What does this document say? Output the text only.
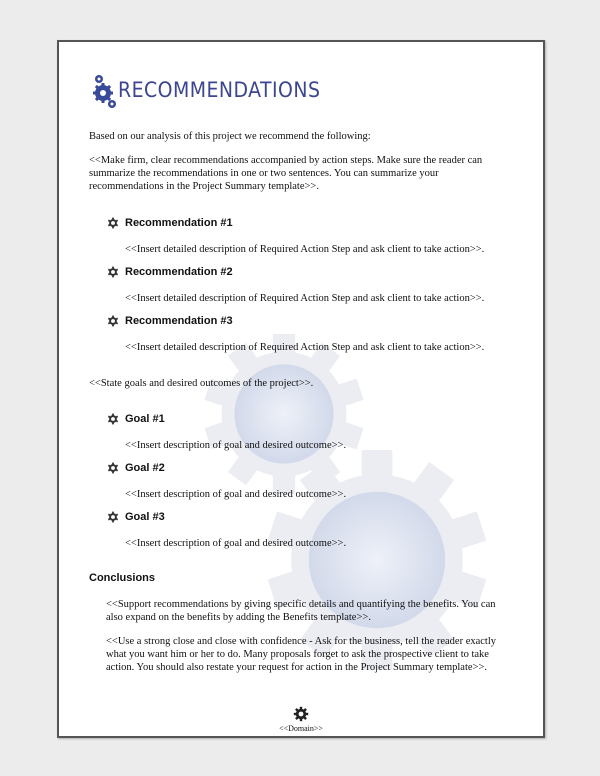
RECOMMENDATIONS
Based on our analysis of this project we recommend the following:
<<Make firm, clear recommendations accompanied by action steps. Make sure the reader can
summarize the recommendations in one or two sentences. You can summarize your
recommendations in the Project Summary template>>.
Recommendation #1
<<Insert detailed description of Required Action Step and ask client to take action>>.
Recommendation #2
<<Insert detailed description of Required Action Step and ask client to take action>>.
Recommendation #3
<<Insert detailed description of Required Action Step and ask client to take action>>.
<<State goals and desired outcomes of the project>>.
Goal #1
<<Insert description of goal and desired outcome>>.
Goal #2
<<Insert description of goal and desired outcome>>.
Goal #3
<<Insert description of goal and desired outcome>>.
Conclusions
<<Support recommendations by giving specific details and quantifying the benefits. You can
also expand on the benefits by adding the Benefits template>>.
<<Use a strong close and close with confidence - Ask for the business, tell the reader exactly
what you want him or her to do. Many proposals forget to ask the prospective client to take
action. You should also restate your request for action in the Project Summary template>>.
<<Domain>>
